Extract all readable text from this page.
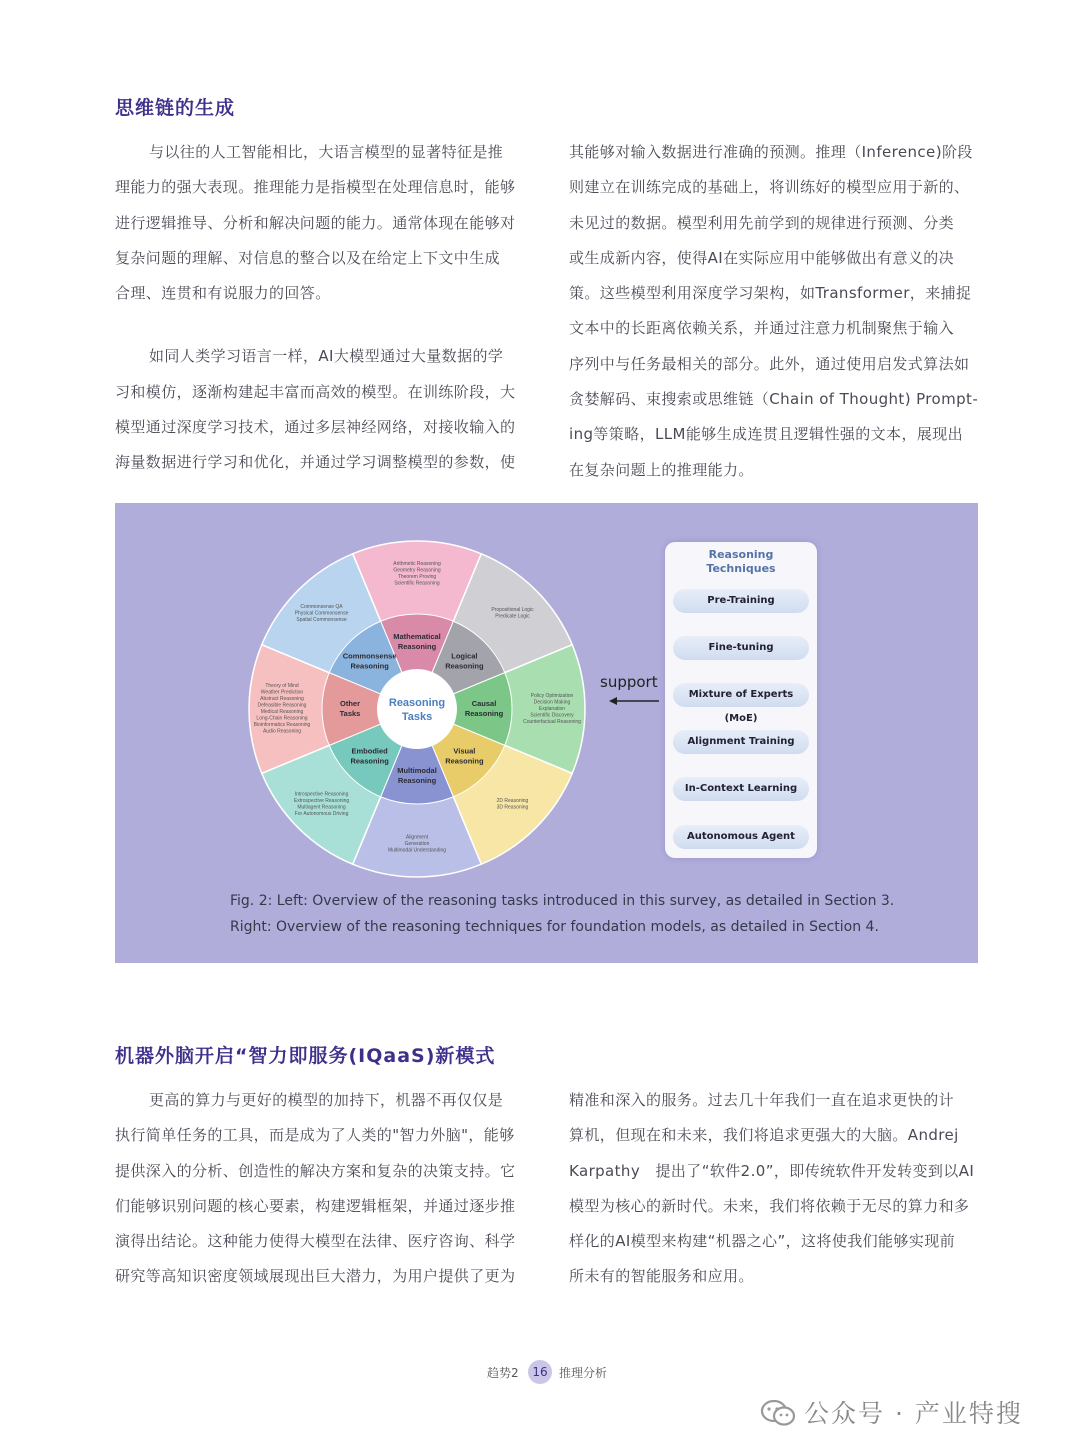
思维链的生成

与以往的人工智能相比，大语言模型的显著特征是推
理能力的强大表现。推理能力是指模型在处理信息时，能够
进行逻辑推导、分析和解决问题的能力。通常体现在能够对
复杂问题的理解、对信息的整合以及在给定上下文中生成
合理、连贯和有说服力的回答。

如同人类学习语言一样，AI大模型通过大量数据的学
习和模仿，逐渐构建起丰富而高效的模型。在训练阶段，大
模型通过深度学习技术，通过多层神经网络，对接收输入的
海量数据进行学习和优化，并通过学习调整模型的参数，使

其能够对输入数据进行准确的预测。推理（Inference)阶段
则建立在训练完成的基础上，将训练好的模型应用于新的、
未见过的数据。模型利用先前学到的规律进行预测、分类
或生成新内容，使得AI在实际应用中能够做出有意义的决
策。这些模型利用深度学习架构，如Transformer，来捕捉
文本中的长距离依赖关系，并通过注意力机制聚焦于输入
序列中与任务最相关的部分。此外，通过使用启发式算法如
贪婪解码、束搜索或思维链（Chain of Thought) Prompt-
ing等策略，LLM能够生成连贯且逻辑性强的文本，展现出
在复杂问题上的推理能力。

Reasoning
Tasks
Mathematical
Reasoning
Logical
Reasoning
Causal
Reasoning
Visual
Reasoning
Multimodal
Reasoning
Embodied
Reasoning
Other
Tasks
Commonsense
Reasoning
Arithmetic Reasoning
Geometry Reasoning
Theorem Proving
Scientific Reasoning
Propositional Logic
Predicate Logic
Policy Optimization
Decision Making
Explanation
Scientific Discovery
Counterfactual Reasoning
2D Reasoning
3D Reasoning
Alignment
Generation
Multimodal Understanding
Introspective Reasoning
Extrospective Reasoning
Multiagent Reasoning
For Autonomous Driving
Theory of Mind
Weather Prediction
Abstract Reasoning
Defeasible Reasoning
Medical Reasoning
Long-Chain Reasoning
Bioinformatics Reasoning
Audio Reasoning
Commonsense QA
Physical Commonsense
Spatial Commonsense
support
Reasoning Techniques
Pre-Training
Fine-tuning
Mixture of Experts (MoE)
Alignment Training
In-Context Learning
Autonomous Agent
Fig. 2: Left: Overview of the reasoning tasks introduced in this survey, as detailed in Section 3.
Right: Overview of the reasoning techniques for foundation models, as detailed in Section 4.
机器外脑开启“智力即服务(IQaaS)新模式

更高的算力与更好的模型的加持下，机器不再仅仅是
执行简单任务的工具，而是成为了人类的"智力外脑"，能够
提供深入的分析、创造性的解决方案和复杂的决策支持。它
们能够识别问题的核心要素，构建逻辑框架，并通过逐步推
演得出结论。这种能力使得大模型在法律、医疗咨询、科学
研究等高知识密度领域展现出巨大潜力，为用户提供了更为

精准和深入的服务。过去几十年我们一直在追求更快的计
算机，但现在和未来，我们将追求更强大的大脑。Andrej
Karpathy　提出了“软件2.0”，即传统软件开发转变到以AI
模型为核心的新时代。未来，我们将依赖于无尽的算力和多
样化的AI模型来构建“机器之心”，这将使我们能够实现前
所未有的智能服务和应用。

趋势2	16 推理分析
公众号 · 产业特搜
